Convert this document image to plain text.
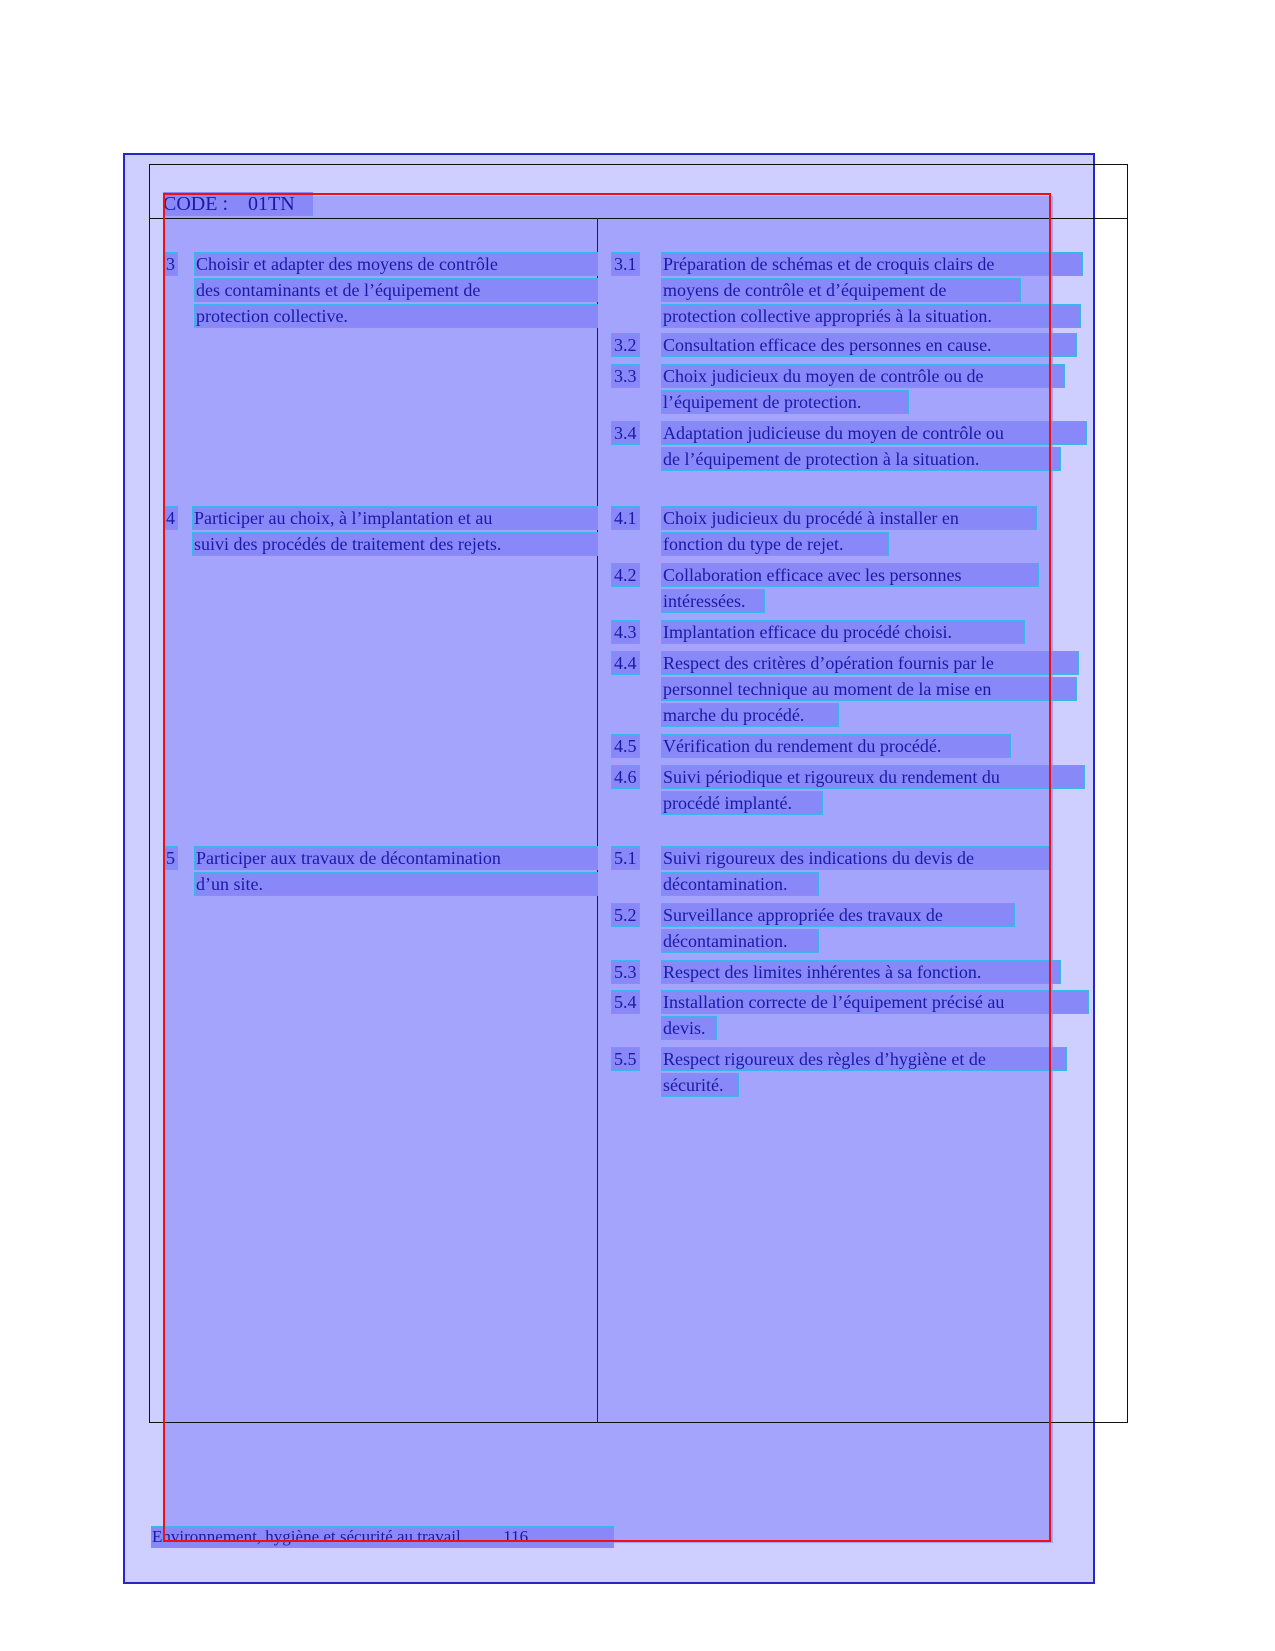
CODE : 01TN
3 Choisir et adapter des moyens de contrôle
des contaminants et de l’équipement de
protection collective.
3.1 Préparation de schémas et de croquis clairs de
moyens de contrôle et d’équipement de
protection collective appropriés à la situation.
3.2 Consultation efficace des personnes en cause.
3.3 Choix judicieux du moyen de contrôle ou de
l’équipement de protection.
3.4 Adaptation judicieuse du moyen de contrôle ou
de l’équipement de protection à la situation.
4 Participer au choix, à l’implantation et au
suivi des procédés de traitement des rejets.
4.1 Choix judicieux du procédé à installer en
fonction du type de rejet.
4.2 Collaboration efficace avec les personnes
intéressées.
4.3 Implantation efficace du procédé choisi.
4.4 Respect des critères d’opération fournis par le
personnel technique au moment de la mise en
marche du procédé.
4.5 Vérification du rendement du procédé.
4.6 Suivi périodique et rigoureux du rendement du
procédé implanté.
5 Participer aux travaux de décontamination
d’un site.
5.1 Suivi rigoureux des indications du devis de
décontamination.
5.2 Surveillance appropriée des travaux de
décontamination.
5.3 Respect des limites inhérentes à sa fonction.
5.4 Installation correcte de l’équipement précisé au
devis.
5.5 Respect rigoureux des règles d’hygiène et de
sécurité.
Environnement, hygiène et sécurité au travail	116
